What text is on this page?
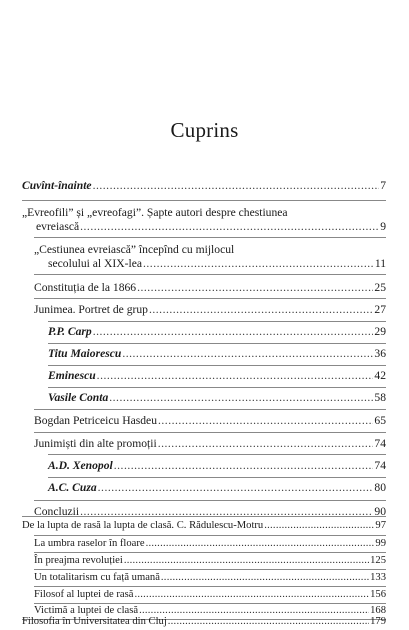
Cuprins
Cuvînt-înainte . . .	7
„Evreofili” și „evreofagi”. Șapte autori despre chestiunea
evreiască . . .	9
„Cestiunea evreiască” începînd cu mijlocul
secolului al XIX-lea . . .	11
Constituția de la 1866 . . .	25
Junimea. Portret de grup . . .	27
P.P. Carp . . .	29
Titu Maiorescu . . .	36
Eminescu . . .	42
Vasile Conta . . .	58
Bogdan Petriceicu Hasdeu . . .	65
Junimiști din alte promoții . . .	74
A.D. Xenopol . . .	74
A.C. Cuza . . .	80
Concluzii . . .	90
De la lupta de rasă la lupta de clasă. C. Rădulescu-Motru . . .	97
La umbra raselor în floare . . .	99
În preajma revoluției . . .	125
Un totalitarism cu față umană . . .	133
Filosof al luptei de rasă . . .	156
Victimă a luptei de clasă . . .	168
Filosofia în Universitatea din Cluj . . .	179
